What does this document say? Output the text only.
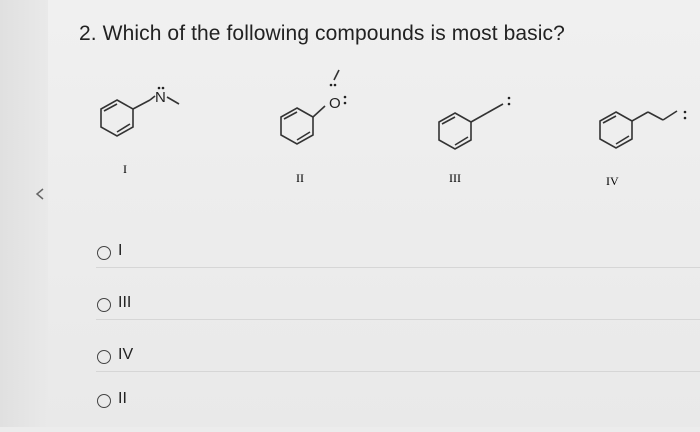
2. Which of the following compounds is most basic?
N
I
O
II	III	IV
I
III
IV
II
